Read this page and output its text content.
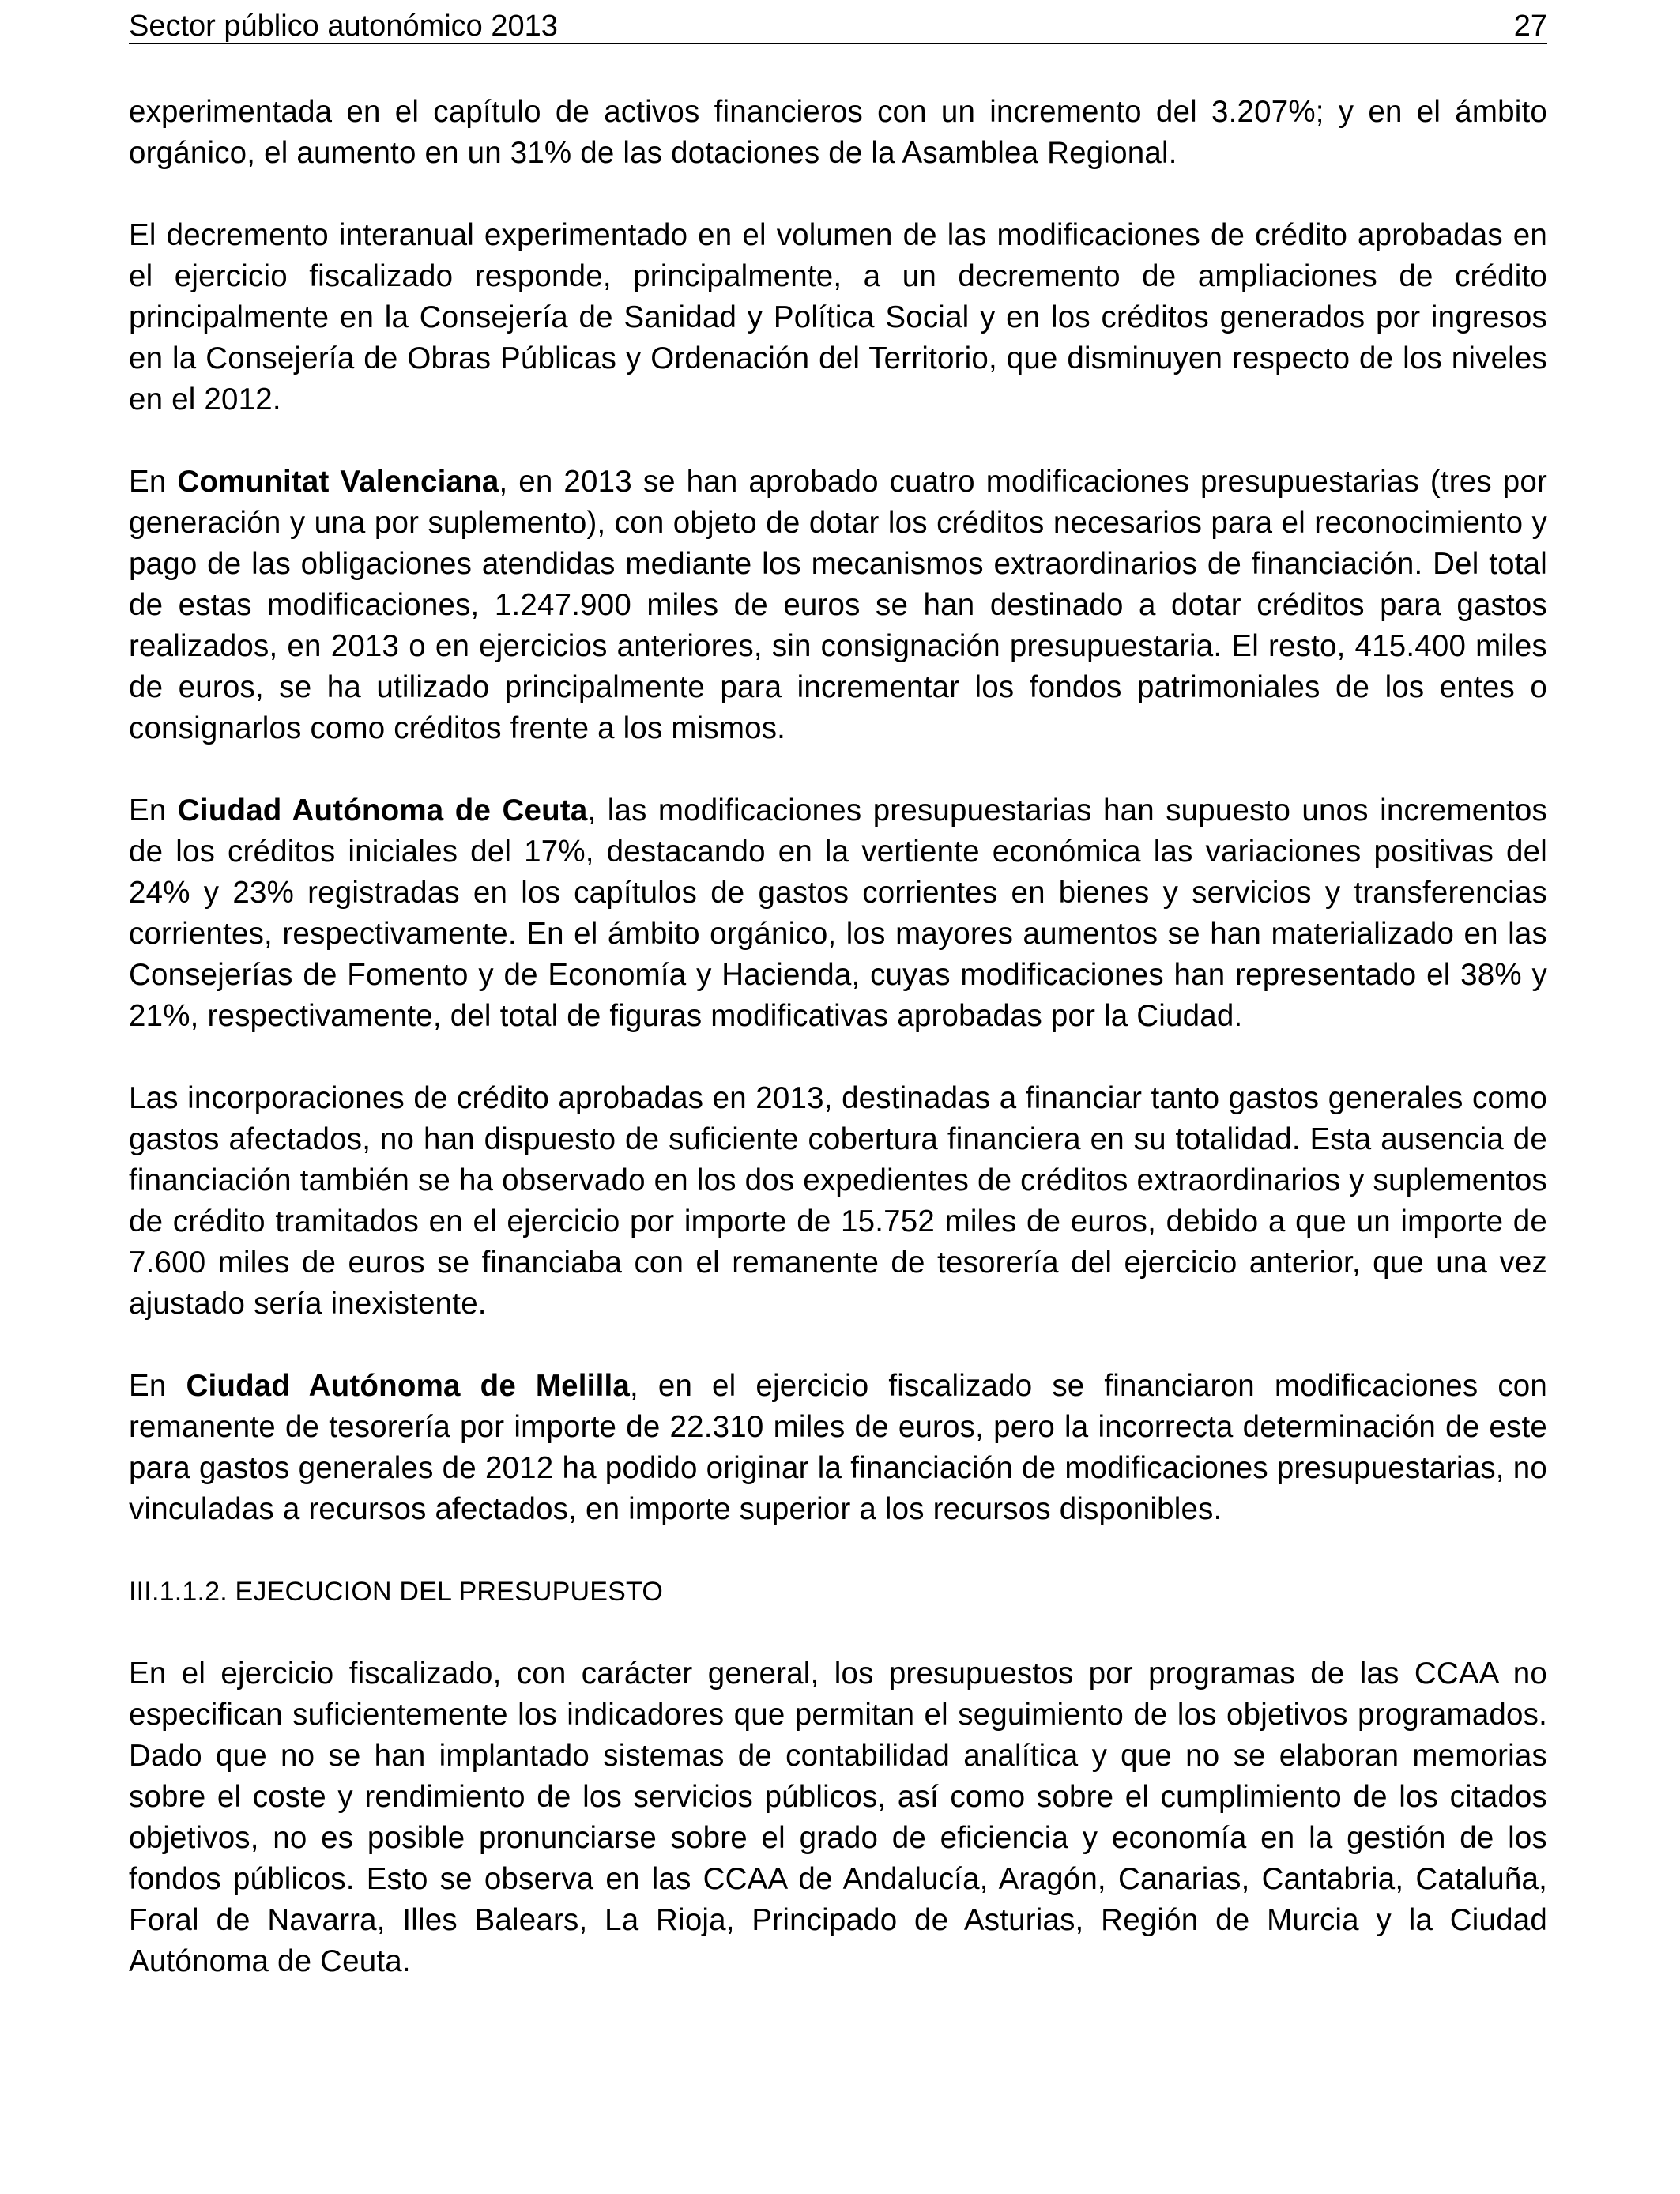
Sector público autonómico 2013	27

experimentada en el capítulo de activos financieros con un incremento del 3.207%; y en el ámbito orgánico, el aumento en un 31% de las dotaciones de la Asamblea Regional.

El decremento interanual experimentado en el volumen de las modificaciones de crédito aprobadas en el ejercicio fiscalizado responde, principalmente, a un decremento de ampliaciones de crédito principalmente en la Consejería de Sanidad y Política Social y en los créditos generados por ingresos en la Consejería de Obras Públicas y Ordenación del Territorio, que disminuyen respecto de los niveles en el 2012.

En Comunitat Valenciana, en 2013 se han aprobado cuatro modificaciones presupuestarias (tres por generación y una por suplemento), con objeto de dotar los créditos necesarios para el reconocimiento y pago de las obligaciones atendidas mediante los mecanismos extraordinarios de financiación. Del total de estas modificaciones, 1.247.900 miles de euros se han destinado a dotar créditos para gastos realizados, en 2013 o en ejercicios anteriores, sin consignación presupuestaria. El resto, 415.400 miles de euros, se ha utilizado principalmente para incrementar los fondos patrimoniales de los entes o consignarlos como créditos frente a los mismos.

En Ciudad Autónoma de Ceuta, las modificaciones presupuestarias han supuesto unos incrementos de los créditos iniciales del 17%, destacando en la vertiente económica las variaciones positivas del 24% y 23% registradas en los capítulos de gastos corrientes en bienes y servicios y transferencias corrientes, respectivamente. En el ámbito orgánico, los mayores aumentos se han materializado en las Consejerías de Fomento y de Economía y Hacienda, cuyas modificaciones han representado el 38% y 21%, respectivamente, del total de figuras modificativas aprobadas por la Ciudad.

Las incorporaciones de crédito aprobadas en 2013, destinadas a financiar tanto gastos generales como gastos afectados, no han dispuesto de suficiente cobertura financiera en su totalidad. Esta ausencia de financiación también se ha observado en los dos expedientes de créditos extraordinarios y suplementos de crédito tramitados en el ejercicio por importe de 15.752 miles de euros, debido a que un importe de 7.600 miles de euros se financiaba con el remanente de tesorería del ejercicio anterior, que una vez ajustado sería inexistente.

En Ciudad Autónoma de Melilla, en el ejercicio fiscalizado se financiaron modificaciones con remanente de tesorería por importe de 22.310 miles de euros, pero la incorrecta determinación de este para gastos generales de 2012 ha podido originar la financiación de modificaciones presupuestarias, no vinculadas a recursos afectados, en importe superior a los recursos disponibles.

III.1.1.2. EJECUCION DEL PRESUPUESTO

En el ejercicio fiscalizado, con carácter general, los presupuestos por programas de las CCAA no especifican suficientemente los indicadores que permitan el seguimiento de los objetivos programados. Dado que no se han implantado sistemas de contabilidad analítica y que no se elaboran memorias sobre el coste y rendimiento de los servicios públicos, así como sobre el cumplimiento de los citados objetivos, no es posible pronunciarse sobre el grado de eficiencia y economía en la gestión de los fondos públicos. Esto se observa en las CCAA de Andalucía, Aragón, Canarias, Cantabria, Cataluña, Foral de Navarra, Illes Balears, La Rioja, Principado de Asturias, Región de Murcia y la Ciudad Autónoma de Ceuta.
